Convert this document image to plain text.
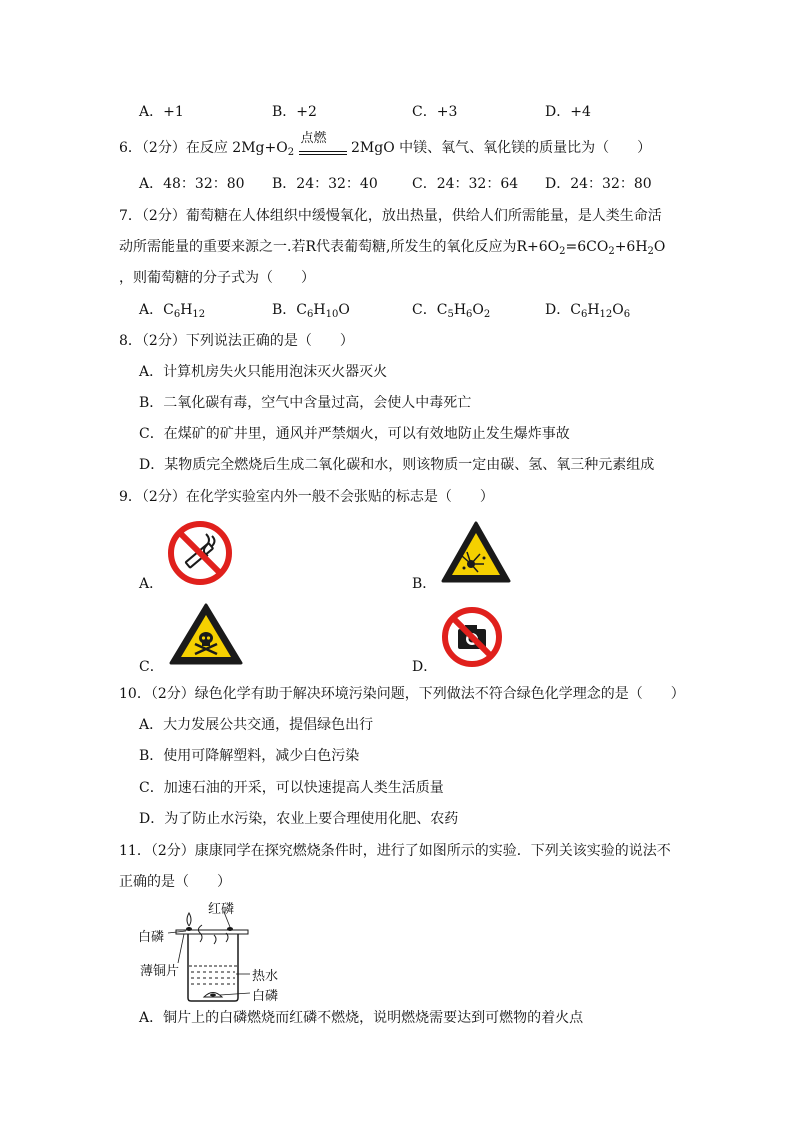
A．+1	B．+2	C．+3	D．+4
6．（2分）在反应 $2Mg+O_2$
点燃
2MgO 中镁、氧气、氧化镁的质量比为（　　）
A．48：32：80 B．24：32：40 C．24：32：64 D．24：32：80
7．（2分）葡萄糖在人体组织中缓慢氧化，放出热量，供给人们所需能量，是人类生命活
动所需能量的重要来源之一.若R代表葡萄糖,所发生的氧化反应为$R+6O_2=6CO_2+6H_2O$
，则葡萄糖的分子式为（　　）
A．$C_6H_{12}$	B．$C_6H_{10}O$	C．$C_5H_6O_2$	D．$C_6H_{12}O_6$
8．（2分）下列说法正确的是（　　）
A．计算机房失火只能用泡沫灭火器灭火
B．二氧化碳有毒，空气中含量过高，会使人中毒死亡
C．在煤矿的矿井里，通风并严禁烟火，可以有效地防止发生爆炸事故
D．某物质完全燃烧后生成二氧化碳和水，则该物质一定由碳、氢、氧三种元素组成
9．（2分）在化学实验室内外一般不会张贴的标志是（　　）
A．	B．
C．	D．
10．（2分）绿色化学有助于解决环境污染问题，下列做法不符合绿色化学理念的是（　　）
A．大力发展公共交通，提倡绿色出行
B．使用可降解塑料，减少白色污染
C．加速石油的开采，可以快速提高人类生活质量
D．为了防止水污染，农业上要合理使用化肥、农药
11．（2分）康康同学在探究燃烧条件时，进行了如图所示的实验．下列关该实验的说法不
正确的是（　　）
红磷
白磷
薄铜片	热水
白磷
A．铜片上的白磷燃烧而红磷不燃烧，说明燃烧需要达到可燃物的着火点
